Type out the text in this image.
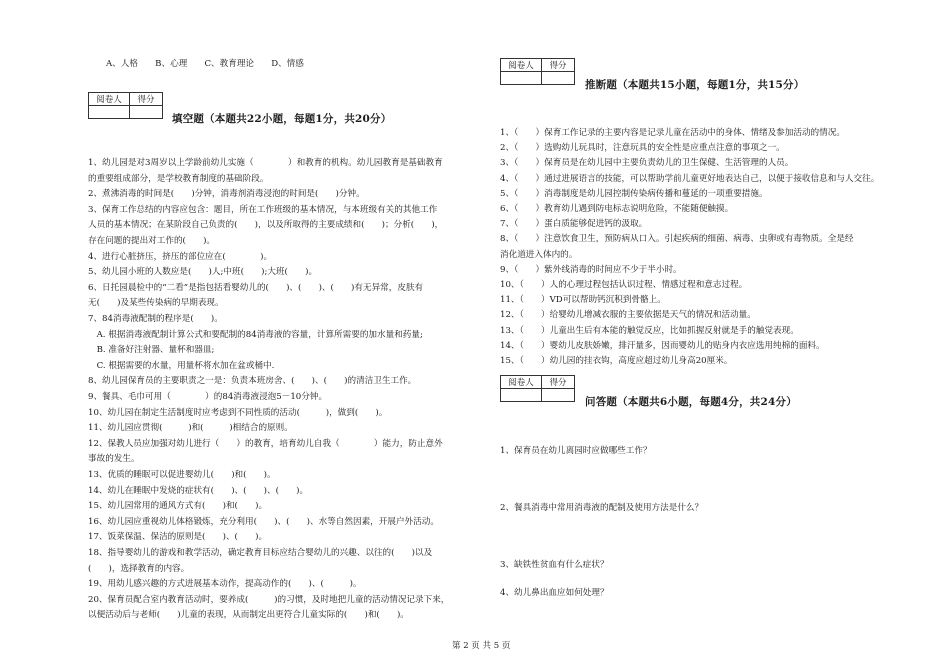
A、人格　　B、心理　　C、教育理论　　D、情感
阅卷人	得分

填空题（本题共22小题，每题1分，共20分）
1、幼儿园是对3周岁以上学龄前幼儿实施（　　　　）和教育的机构。幼儿园教育是基础教育
的重要组成部分，是学校教育制度的基础阶段。
2、煮沸消毒的时间是(　　)分钟，消毒剂消毒浸泡的时间是(　　)分钟。
3、保育工作总结的内容应包含：题目，所在工作班级的基本情况，与本班级有关的其他工作
人员的基本情况；在某阶段自己负责的(　　)，以及所取得的主要成绩和(　　)；分析(　　)，
存在问题的提出对工作的(　　)。
4、进行心脏挤压，挤压的部位应在(　　　　)。
5、幼儿园小班的人数应是(　　)人;中班(　　);大班(　　)。
6、日托园晨检中的“二看”是指包括看婴幼儿的(　　)、(　　)、(　　)有无异常，皮肤有
无(　　)及某些传染病的早期表现。
7、84消毒液配制的程序是(　　)。
　A. 根据消毒液配制计算公式和要配制的84消毒液的容量，计算所需要的加水量和药量;
　B. 准备好注射器、量杯和器皿;
　C. 根据需要的水量，用量杯将水加在盆或桶中.
8、幼儿园保育员的主要职责之一是：负责本班房舍、(　　)、(　　)的清洁卫生工作。
9、餐具、毛巾可用（　　　　）的84消毒液浸泡5－10分钟。
10、幼儿园在制定生活制度时应考虑到不同性质的活动(　　　)，做到(　　)。
11、幼儿园应贯彻(　　　)和(　　　)相结合的原则。
12、保教人员应加强对幼儿进行（　　）的教育，培育幼儿自我（　　　　）能力，防止意外
事故的发生。
13、优质的睡眠可以促进婴幼儿(　　)和(　　)。
14、幼儿在睡眠中发烧的症状有(　　)、(　　)、(　　)。
15、幼儿园常用的通风方式有(　　)和(　　)。
16、幼儿园应重视幼儿体格锻炼，充分利用(　　)、(　　)、水等自然因素，开展户外活动。
17、饭菜保温、保洁的原则是(　　)、(　　)。
18、指导婴幼儿的游戏和教学活动，确定教育目标应结合婴幼儿的兴趣、以往的(　　)以及
(　　)，选择教育的内容。
19、用幼儿感兴趣的方式进展基本动作，提高动作的(　　)、(　　　)。
20、保育员配合室内教育活动时，要养成(　　　)的习惯，及时地把儿童的活动情况记录下来，
以便活动后与老师(　　)儿童的表现，从而制定出更符合儿童实际的(　　)和(　　)。
阅卷人	得分

推断题（本题共15小题，每题1分，共15分）
1、（　　）保育工作记录的主要内容是记录儿童在活动中的身体、情绪及参加活动的情况。
2、（　　）选购幼儿玩具时，注意玩具的安全性是应重点注意的事项之一。
3、（　　）保育员是在幼儿园中主要负责幼儿的卫生保健、生活管理的人员。
4、（　　）通过进展语言的技能，可以帮助学前儿童更好地表达自己，以便于接收信息和与人交往。
5、（　　）消毒制度是幼儿园控制传染病传播和蔓延的一项重要措施。
6、（　　）教育幼儿遇到防电标志说明危险，不能随便触摸。
7、（　　）蛋白质能够促进钙的汲取。
8、（　　）注意饮食卫生，预防病从口入。引起疾病的细菌、病毒、虫卵或有毒物质。全是经
消化道进入体内的。
9、（　　）紫外线消毒的时间应不少于半小时。
10、（　　）人的心理过程包括认识过程、情感过程和意志过程。
11、（　　）VD可以帮助钙沉积到骨骼上。
12、（　　）给婴幼儿增减衣服的主要依据是天气的情况和活动量。
13、（　　）儿童出生后有本能的触觉反应，比如抓握反射就是手的触觉表现。
14、（　　）婴幼儿皮肤娇嫩，排汗量多，因而婴幼儿的贴身内衣应选用纯棉的面料。
15、（　　）幼儿园的挂衣钩，高度应超过幼儿身高20厘米。
阅卷人	得分

问答题（本题共6小题，每题4分，共24分）
1、保育员在幼儿离园时应做哪些工作？
2、餐具消毒中常用消毒液的配制及使用方法是什么？
3、缺铁性贫血有什么症状？
4、幼儿鼻出血应如何处理？
第 2 页 共 5 页
